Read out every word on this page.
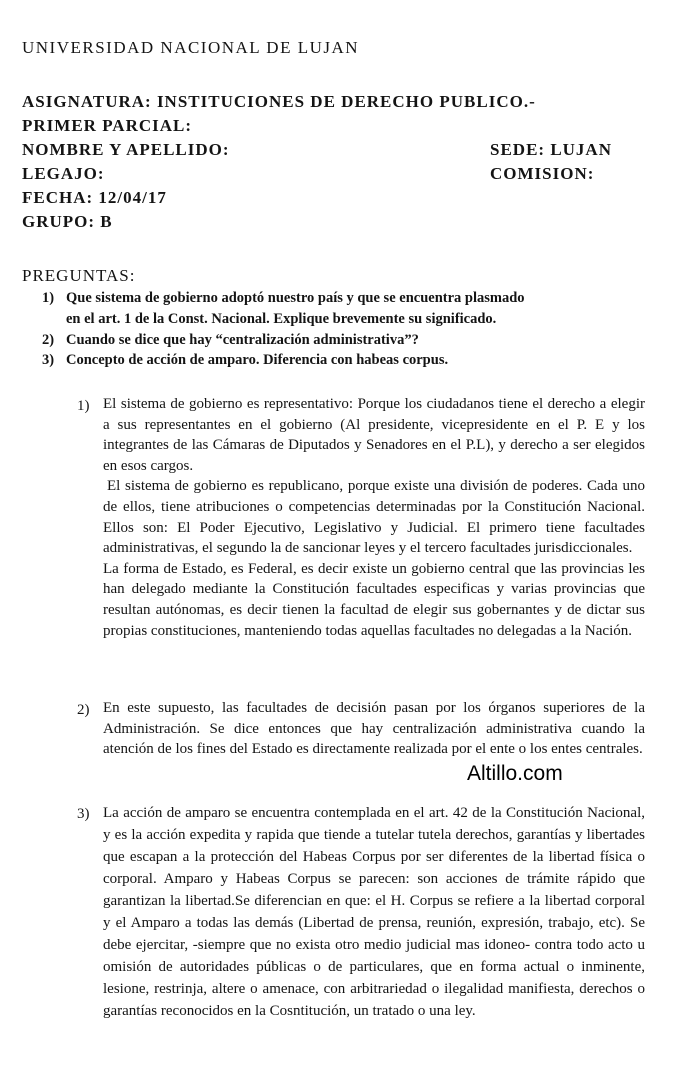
UNIVERSIDAD NACIONAL DE LUJAN
ASIGNATURA: INSTITUCIONES DE DERECHO PUBLICO.-
PRIMER PARCIAL:
NOMBRE Y APELLIDO:
LEGAJO:
FECHA: 12/04/17
GRUPO: B
SEDE: LUJAN
COMISION:
PREGUNTAS:
1) Que sistema de gobierno adoptó nuestro país y que se encuentra plasmado
en el art. 1 de la Const. Nacional. Explique brevemente su significado.
2) Cuando se dice que hay “centralización administrativa”?
3) Concepto de acción de amparo. Diferencia con habeas corpus.
1) El sistema de gobierno es representativo: Porque los ciudadanos tiene el derecho a elegir a sus representantes en el gobierno (Al presidente, vicepresidente en el P. E y los integrantes de las Cámaras de Diputados y Senadores en el P.L), y derecho a ser elegidos en esos cargos.

El sistema de gobierno es republicano, porque existe una división de poderes. Cada uno de ellos, tiene atribuciones o competencias determinadas por la Constitución Nacional. Ellos son: El Poder Ejecutivo, Legislativo y Judicial. El primero tiene facultades administrativas, el segundo la de sancionar leyes y el tercero facultades jurisdiccionales.

La forma de Estado, es Federal, es decir existe un gobierno central que las provincias les han delegado mediante la Constitución facultades especificas y varias provincias que resultan autónomas, es decir tienen la facultad de elegir sus gobernantes y de dictar sus propias constituciones, manteniendo todas aquellas facultades no delegadas a la Nación.

2) En este supuesto, las facultades de decisión pasan por los órganos superiores de la Administración. Se dice entonces que hay centralización administrativa cuando la atención de los fines del Estado es directamente realizada por el ente o los entes centrales.

Altillo.com
3) La acción de amparo se encuentra contemplada en el art. 42 de la Constitución Nacional, y es la acción expedita y rapida que tiende a tutelar tutela derechos, garantías y libertades que escapan a la protección del Habeas Corpus por ser diferentes de la libertad física o corporal. Amparo y Habeas Corpus se parecen: son acciones de trámite rápido que garantizan la libertad.Se diferencian en que: el H. Corpus se refiere a la libertad corporal y el Amparo a todas las demás (Libertad de prensa, reunión, expresión, trabajo, etc). Se debe ejercitar, -siempre que no exista otro medio judicial mas idoneo- contra todo acto u omisión de autoridades públicas o de particulares, que en forma actual o inminente, lesione, restrinja, altere o amenace, con arbitrariedad o ilegalidad manifiesta, derechos o garantías reconocidos en la Cosntitución, un tratado o una ley.
